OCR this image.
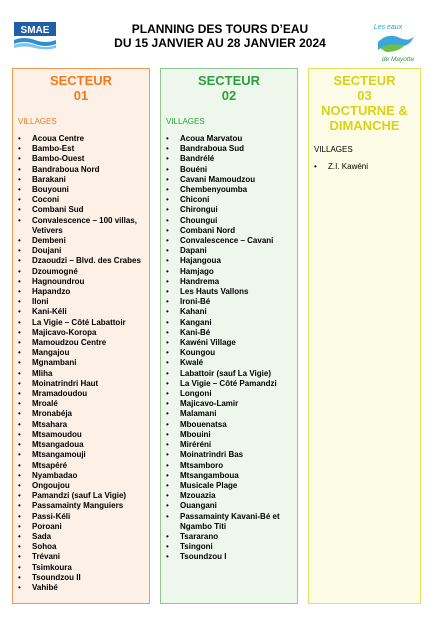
SMAE	PLANNING DES TOURS D’EAU
DU 15 JANVIER AU 28 JANVIER 2024
Les eaux
de Mayotte
SECTEUR
01
VILLAGES
• Acoua Centre
• Bambo-Est
• Bambo-Ouest
• Bandraboua Nord
• Barakani
• Bouyouni
• Coconi
• Combani Sud
• Convalescence – 100 villas, Vetivers
• Dembeni
• Doujani
• Dzaoudzi – Blvd. des Crabes
• Dzoumogné
• Hagnoundrou
• Hapandzo
• Iloni
• Kani-Kéli
• La Vigie – Côté Labattoir
• Majicavo-Koropa
• Mamoudzou Centre
• Mangajou
• Mgnambani
• Mliha
• Moinatrindri Haut
• Mramadoudou
• Mroalé
• Mronabéja
• Mtsahara
• Mtsamoudou
• Mtsangadoua
• Mtsangamouji
• Mtsapéré
• Nyambadao
• Ongoujou
• Pamandzi (sauf La Vigie)
• Passamainty Manguiers
• Passi-Kéli
• Poroani
• Sada
• Sohoa
• Trévani
• Tsimkoura
• Tsoundzou II
• Vahibé
SECTEUR
02
VILLAGES
• Acoua Marvatou
• Bandraboua Sud
• Bandrélé
• Bouéni
• Cavani Mamoudzou
• Chembenyoumba
• Chiconi
• Chirongui
• Choungui
• Combani Nord
• Convalescence – Cavani
• Dapani
• Hajangoua
• Hamjago
• Handrema
• Les Hauts Vallons
• Ironi-Bé
• Kahani
• Kangani
• Kani-Bé
• Kawéni Village
• Koungou
• Kwalé
• Labattoir (sauf La Vigie)
• La Vigie – Côté Pamandzi
• Longoni
• Majicavo-Lamir
• Malamani
• Mbouenatsa
• Mbouini
• Miréréni
• Moinatrindri Bas
• Mtsamboro
• Mtsangamboua
• Musicale Plage
• Mzouazia
• Ouangani
• Passamainty Kavani-Bé et Ngambo Titi
• Tsararano
• Tsingoni
• Tsoundzou I
SECTEUR
03
NOCTURNE &
DIMANCHE
VILLAGES
• Z.I. Kawéni
